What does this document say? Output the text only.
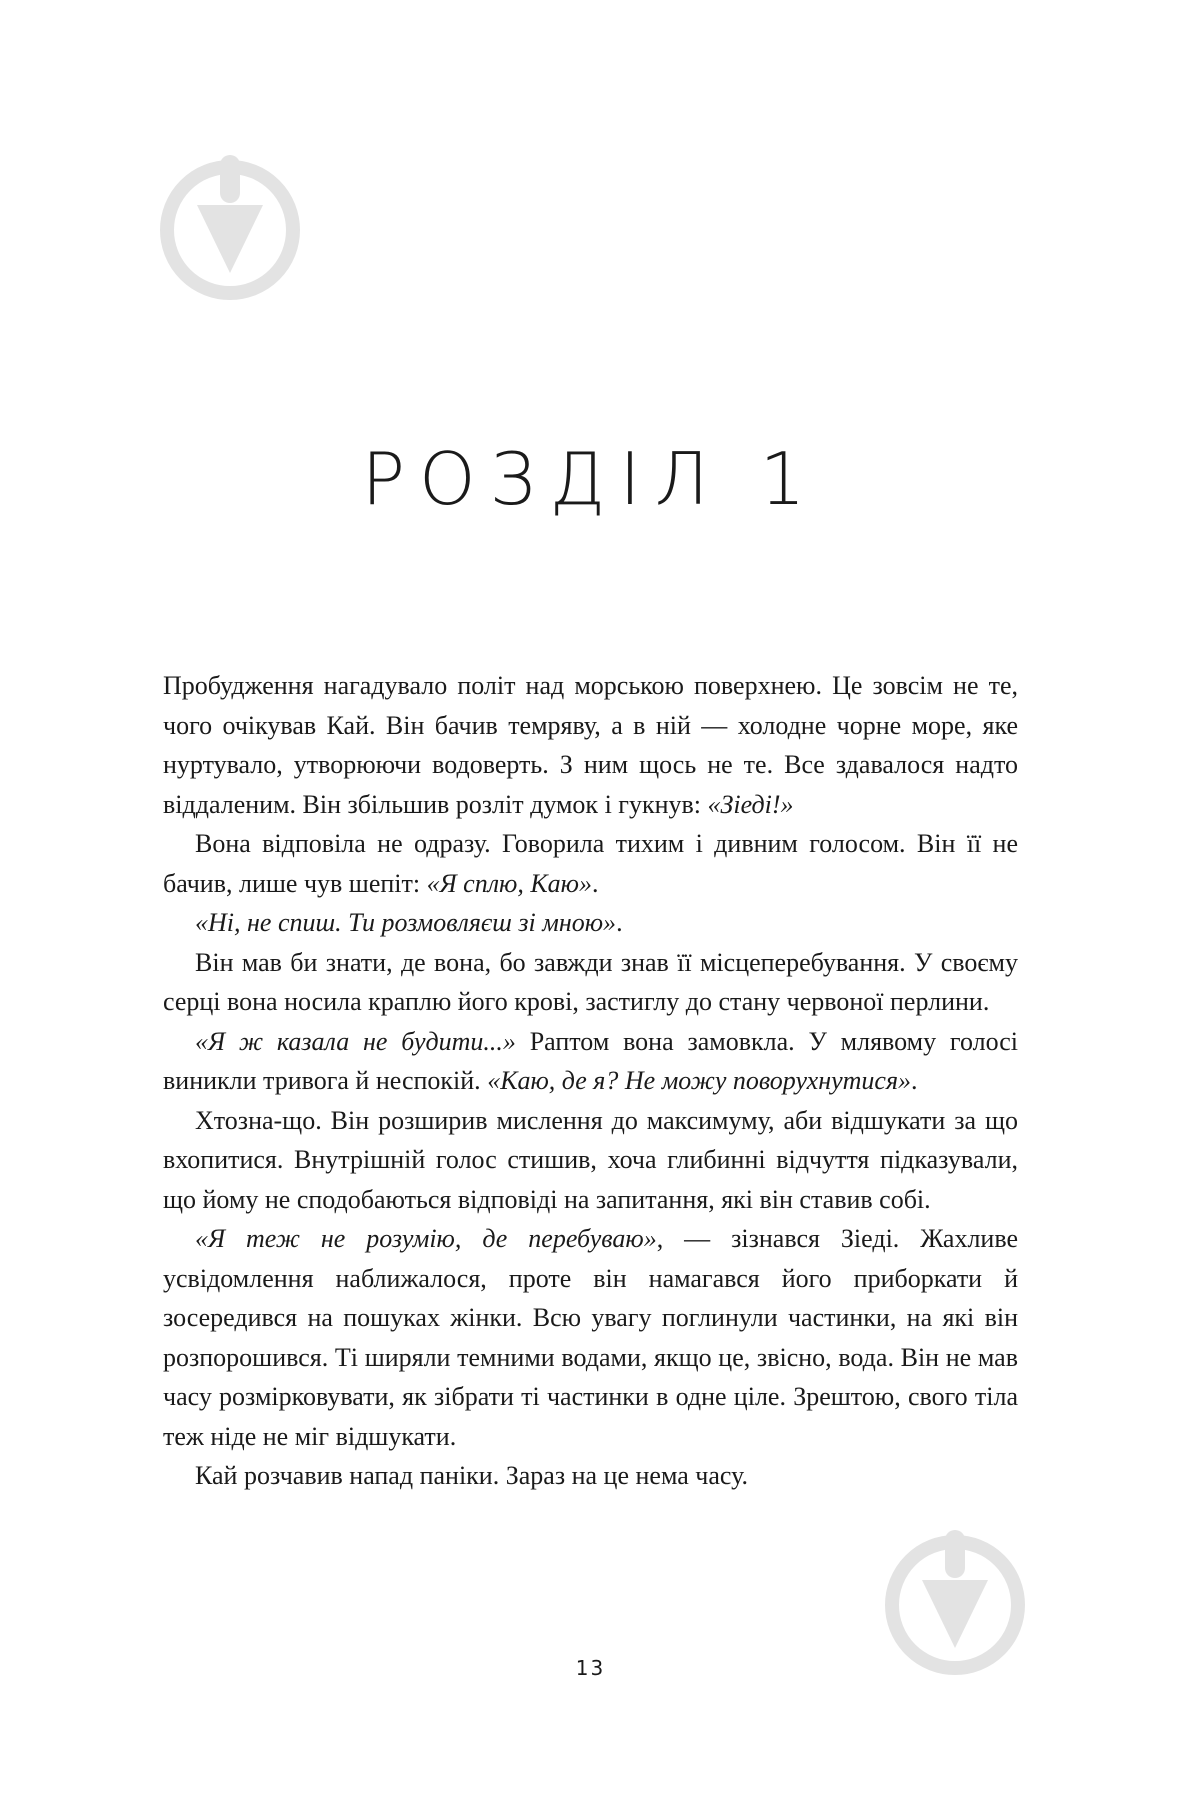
РОЗДІЛ 1

Пробудження нагадувало політ над морською поверхнею. Це зовсім не те, чого очікував Кай. Він бачив темряву, а в ній — холодне чорне море, яке нуртувало, утворюючи водоверть. З ним щось не те. Все здавалося надто віддаленим. Він збільшив розліт думок і гукнув: «Зіеді!»

Вона відповіла не одразу. Говорила тихим і дивним голосом. Він її не бачив, лише чув шепіт: «Я сплю, Каю».

«Ні, не спиш. Ти розмовляєш зі мною».

Він мав би знати, де вона, бо завжди знав її місцеперебування. У своєму серці вона носила краплю його крові, застиглу до стану червоної перлини.

«Я ж казала не будити...» Раптом вона замовкла. У млявому голосі виникли тривога й неспокій. «Каю, де я? Не можу поворухнутися».

Хтозна-що. Він розширив мислення до максимуму, аби відшукати за що вхопитися. Внутрішній голос стишив, хоча глибинні відчуття підказували, що йому не сподобаються відповіді на запитання, які він ставив собі.

«Я теж не розумію, де перебуваю», — зізнався Зіеді. Жахливе усвідомлення наближалося, проте він намагався його приборкати й зосередився на пошуках жінки. Всю увагу поглинули частинки, на які він розпорошився. Ті ширяли темними водами, якщо це, звісно, вода. Він не мав часу розмірковувати, як зібрати ті частинки в одне ціле. Зрештою, свого тіла теж ніде не міг відшукати.

Кай розчавив напад паніки. Зараз на це нема часу.

13
